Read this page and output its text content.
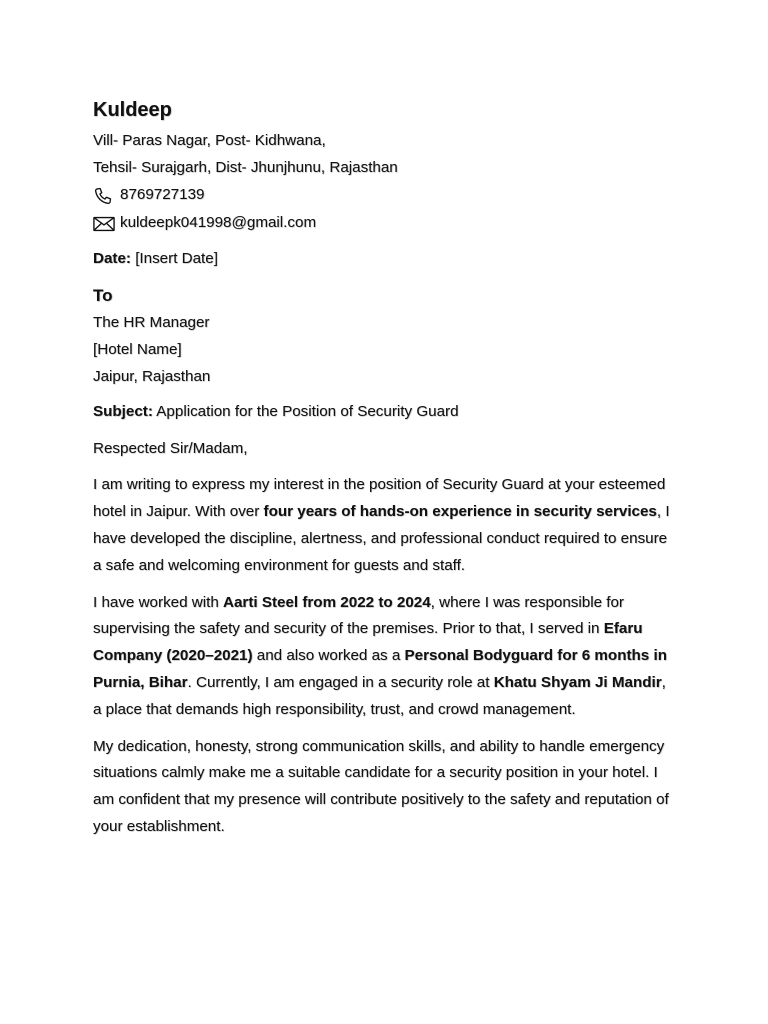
Kuldeep
Vill- Paras Nagar, Post- Kidhwana,
Tehsil- Surajgarh, Dist- Jhunjhunu, Rajasthan
8769727139
kuldeepk041998@gmail.com
Date: [Insert Date]
To
The HR Manager
[Hotel Name]
Jaipur, Rajasthan
Subject: Application for the Position of Security Guard
Respected Sir/Madam,
I am writing to express my interest in the position of Security Guard at your esteemed hotel in Jaipur. With over four years of hands-on experience in security services, I have developed the discipline, alertness, and professional conduct required to ensure a safe and welcoming environment for guests and staff.
I have worked with Aarti Steel from 2022 to 2024, where I was responsible for supervising the safety and security of the premises. Prior to that, I served in Efaru Company (2020–2021) and also worked as a Personal Bodyguard for 6 months in Purnia, Bihar. Currently, I am engaged in a security role at Khatu Shyam Ji Mandir, a place that demands high responsibility, trust, and crowd management.
My dedication, honesty, strong communication skills, and ability to handle emergency situations calmly make me a suitable candidate for a security position in your hotel. I am confident that my presence will contribute positively to the safety and reputation of your establishment.
